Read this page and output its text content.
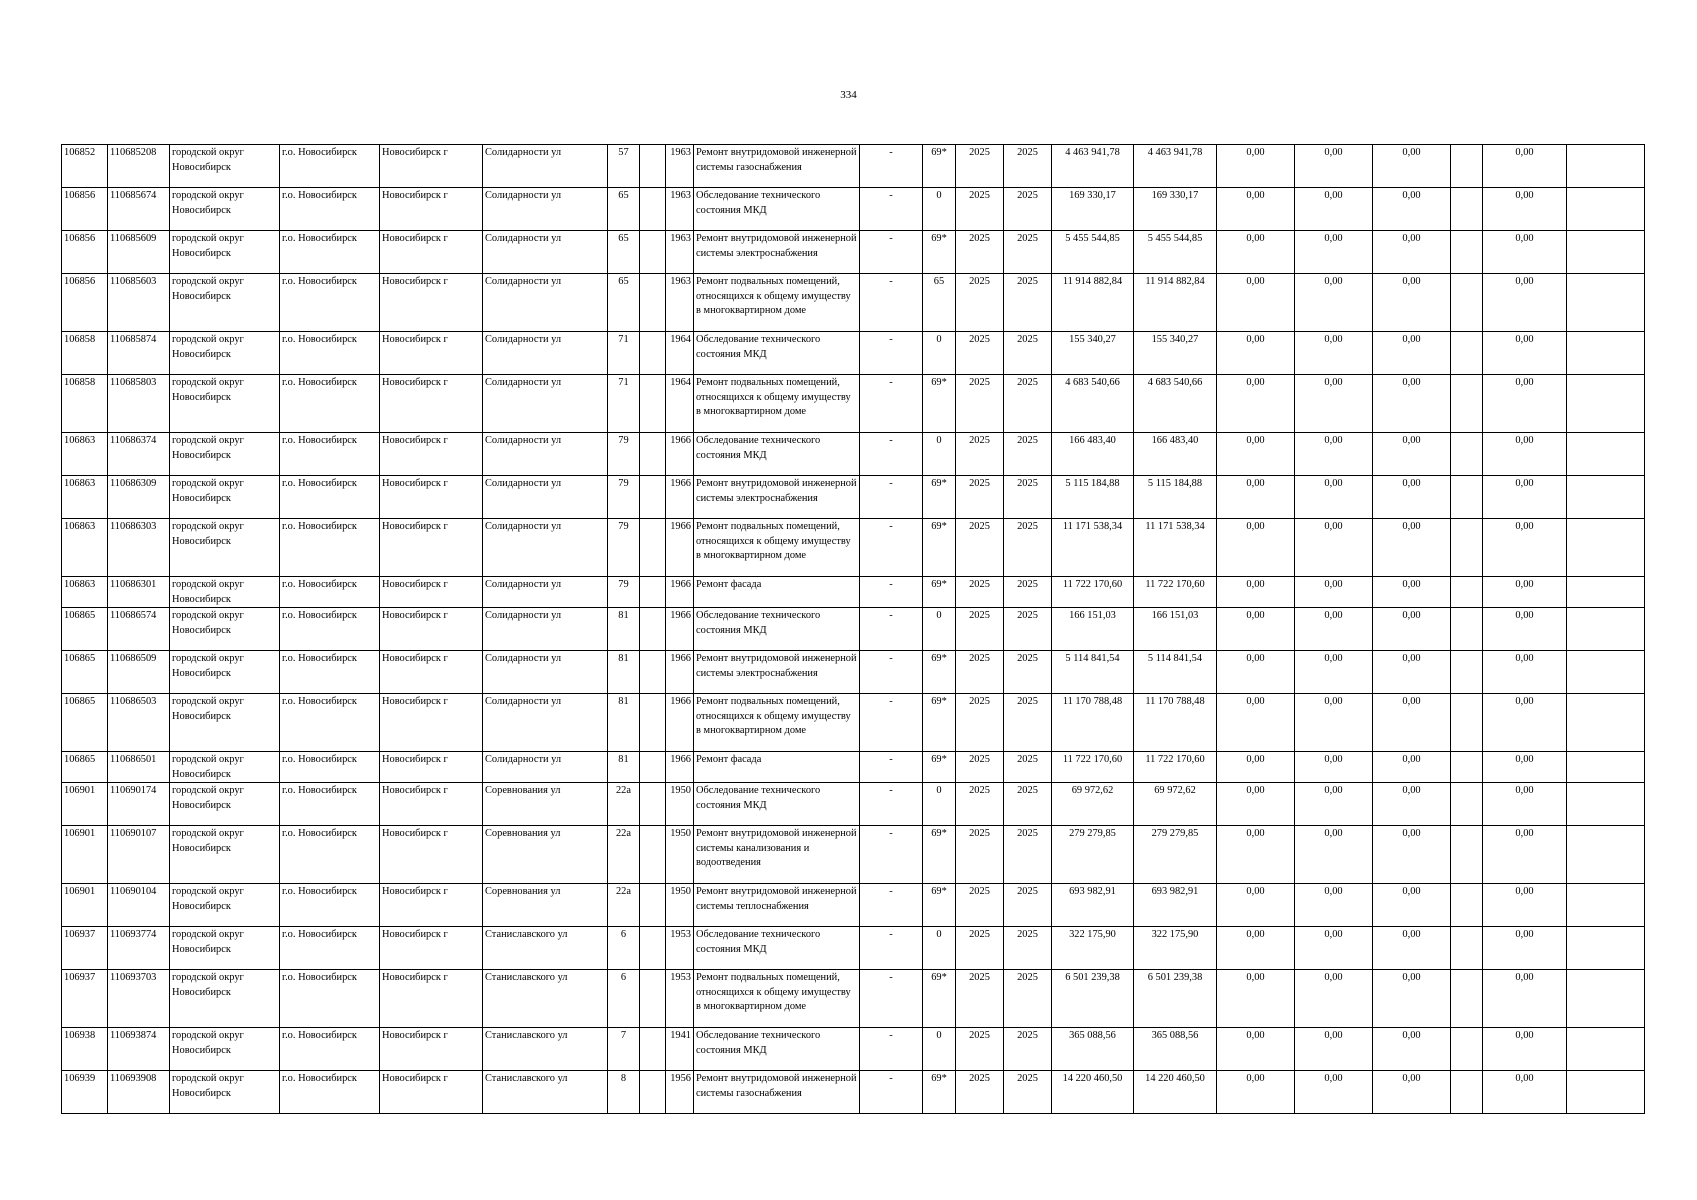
334
106852	110685208	городской округ Новосибирск	г.о. Новосибирск	Новосибирск г	Солидарности ул	57		1963	Ремонт внутридомовой инженерной системы газоснабжения	-	69*	2025	2025	4 463 941,78	4 463 941,78	0,00	0,00	0,00		0,00	
106856	110685674	городской округ Новосибирск	г.о. Новосибирск	Новосибирск г	Солидарности ул	65		1963	Обследование технического состояния МКД	-	0	2025	2025	169 330,17	169 330,17	0,00	0,00	0,00		0,00	
106856	110685609	городской округ Новосибирск	г.о. Новосибирск	Новосибирск г	Солидарности ул	65		1963	Ремонт внутридомовой инженерной системы электроснабжения	-	69*	2025	2025	5 455 544,85	5 455 544,85	0,00	0,00	0,00		0,00	
106856	110685603	городской округ Новосибирск	г.о. Новосибирск	Новосибирск г	Солидарности ул	65		1963	Ремонт подвальных помещений, относящихся к общему имуществу в многоквартирном доме	-	65	2025	2025	11 914 882,84	11 914 882,84	0,00	0,00	0,00		0,00	
106858	110685874	городской округ Новосибирск	г.о. Новосибирск	Новосибирск г	Солидарности ул	71		1964	Обследование технического состояния МКД	-	0	2025	2025	155 340,27	155 340,27	0,00	0,00	0,00		0,00	
106858	110685803	городской округ Новосибирск	г.о. Новосибирск	Новосибирск г	Солидарности ул	71		1964	Ремонт подвальных помещений, относящихся к общему имуществу в многоквартирном доме	-	69*	2025	2025	4 683 540,66	4 683 540,66	0,00	0,00	0,00		0,00	
106863	110686374	городской округ Новосибирск	г.о. Новосибирск	Новосибирск г	Солидарности ул	79		1966	Обследование технического состояния МКД	-	0	2025	2025	166 483,40	166 483,40	0,00	0,00	0,00		0,00	
106863	110686309	городской округ Новосибирск	г.о. Новосибирск	Новосибирск г	Солидарности ул	79		1966	Ремонт внутридомовой инженерной системы электроснабжения	-	69*	2025	2025	5 115 184,88	5 115 184,88	0,00	0,00	0,00		0,00	
106863	110686303	городской округ Новосибирск	г.о. Новосибирск	Новосибирск г	Солидарности ул	79		1966	Ремонт подвальных помещений, относящихся к общему имуществу в многоквартирном доме	-	69*	2025	2025	11 171 538,34	11 171 538,34	0,00	0,00	0,00		0,00	
106863	110686301	городской округ Новосибирск	г.о. Новосибирск	Новосибирск г	Солидарности ул	79		1966	Ремонт фасада	-	69*	2025	2025	11 722 170,60	11 722 170,60	0,00	0,00	0,00		0,00	
106865	110686574	городской округ Новосибирск	г.о. Новосибирск	Новосибирск г	Солидарности ул	81		1966	Обследование технического состояния МКД	-	0	2025	2025	166 151,03	166 151,03	0,00	0,00	0,00		0,00	
106865	110686509	городской округ Новосибирск	г.о. Новосибирск	Новосибирск г	Солидарности ул	81		1966	Ремонт внутридомовой инженерной системы электроснабжения	-	69*	2025	2025	5 114 841,54	5 114 841,54	0,00	0,00	0,00		0,00	
106865	110686503	городской округ Новосибирск	г.о. Новосибирск	Новосибирск г	Солидарности ул	81		1966	Ремонт подвальных помещений, относящихся к общему имуществу в многоквартирном доме	-	69*	2025	2025	11 170 788,48	11 170 788,48	0,00	0,00	0,00		0,00	
106865	110686501	городской округ Новосибирск	г.о. Новосибирск	Новосибирск г	Солидарности ул	81		1966	Ремонт фасада	-	69*	2025	2025	11 722 170,60	11 722 170,60	0,00	0,00	0,00		0,00	
106901	110690174	городской округ Новосибирск	г.о. Новосибирск	Новосибирск г	Соревнования ул	22а		1950	Обследование технического состояния МКД	-	0	2025	2025	69 972,62	69 972,62	0,00	0,00	0,00		0,00	
106901	110690107	городской округ Новосибирск	г.о. Новосибирск	Новосибирск г	Соревнования ул	22а		1950	Ремонт внутридомовой инженерной системы канализования и водоотведения	-	69*	2025	2025	279 279,85	279 279,85	0,00	0,00	0,00		0,00	
106901	110690104	городской округ Новосибирск	г.о. Новосибирск	Новосибирск г	Соревнования ул	22а		1950	Ремонт внутридомовой инженерной системы теплоснабжения	-	69*	2025	2025	693 982,91	693 982,91	0,00	0,00	0,00		0,00	
106937	110693774	городской округ Новосибирск	г.о. Новосибирск	Новосибирск г	Станиславского ул	6		1953	Обследование технического состояния МКД	-	0	2025	2025	322 175,90	322 175,90	0,00	0,00	0,00		0,00	
106937	110693703	городской округ Новосибирск	г.о. Новосибирск	Новосибирск г	Станиславского ул	6		1953	Ремонт подвальных помещений, относящихся к общему имуществу в многоквартирном доме	-	69*	2025	2025	6 501 239,38	6 501 239,38	0,00	0,00	0,00		0,00	
106938	110693874	городской округ Новосибирск	г.о. Новосибирск	Новосибирск г	Станиславского ул	7		1941	Обследование технического состояния МКД	-	0	2025	2025	365 088,56	365 088,56	0,00	0,00	0,00		0,00	
106939	110693908	городской округ Новосибирск	г.о. Новосибирск	Новосибирск г	Станиславского ул	8		1956	Ремонт внутридомовой инженерной системы газоснабжения	-	69*	2025	2025	14 220 460,50	14 220 460,50	0,00	0,00	0,00		0,00	
